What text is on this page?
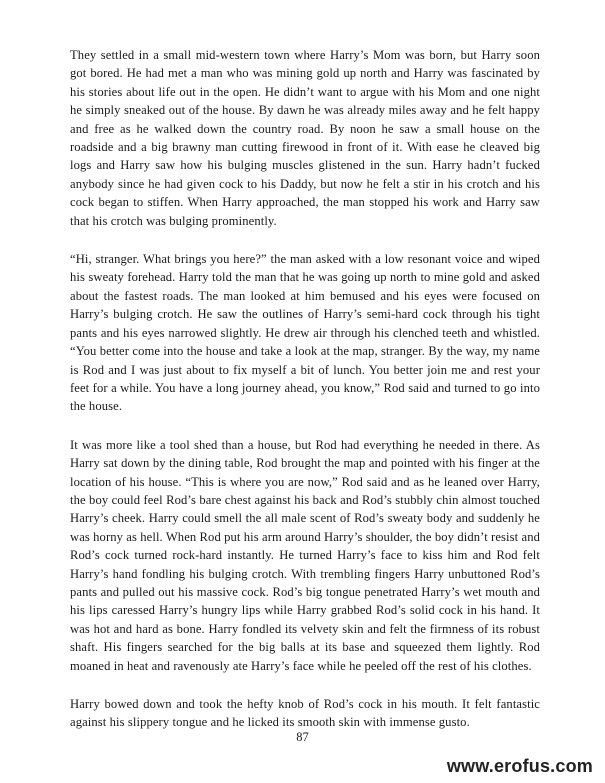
They settled in a small mid-western town where Harry’s Mom was born, but Harry soon got bored. He had met a man who was mining gold up north and Harry was fascinated by his stories about life out in the open. He didn’t want to argue with his Mom and one night he simply sneaked out of the house. By dawn he was already miles away and he felt happy and free as he walked down the country road. By noon he saw a small house on the roadside and a big brawny man cutting firewood in front of it. With ease he cleaved big logs and Harry saw how his bulging muscles glistened in the sun. Harry hadn’t fucked anybody since he had given cock to his Daddy, but now he felt a stir in his crotch and his cock began to stiffen. When Harry approached, the man stopped his work and Harry saw that his crotch was bulging prominently.

“Hi, stranger. What brings you here?” the man asked with a low resonant voice and wiped his sweaty forehead. Harry told the man that he was going up north to mine gold and asked about the fastest roads. The man looked at him bemused and his eyes were focused on Harry’s bulging crotch. He saw the outlines of Harry’s semi-hard cock through his tight pants and his eyes narrowed slightly. He drew air through his clenched teeth and whistled. “You better come into the house and take a look at the map, stranger. By the way, my name is Rod and I was just about to fix myself a bit of lunch. You better join me and rest your feet for a while. You have a long journey ahead, you know,” Rod said and turned to go into the house.

It was more like a tool shed than a house, but Rod had everything he needed in there. As Harry sat down by the dining table, Rod brought the map and pointed with his finger at the location of his house. “This is where you are now,” Rod said and as he leaned over Harry, the boy could feel Rod’s bare chest against his back and Rod’s stubbly chin almost touched Harry’s cheek. Harry could smell the all male scent of Rod’s sweaty body and suddenly he was horny as hell. When Rod put his arm around Harry’s shoulder, the boy didn’t resist and Rod’s cock turned rock-hard instantly. He turned Harry’s face to kiss him and Rod felt Harry’s hand fondling his bulging crotch. With trembling fingers Harry unbuttoned Rod’s pants and pulled out his massive cock. Rod’s big tongue penetrated Harry’s wet mouth and his lips caressed Harry’s hungry lips while Harry grabbed Rod’s solid cock in his hand. It was hot and hard as bone. Harry fondled its velvety skin and felt the firmness of its robust shaft. His fingers searched for the big balls at its base and squeezed them lightly. Rod moaned in heat and ravenously ate Harry’s face while he peeled off the rest of his clothes.

Harry bowed down and took the hefty knob of Rod’s cock in his mouth. It felt fantastic against his slippery tongue and he licked its smooth skin with immense gusto.

87
www.erofus.com
